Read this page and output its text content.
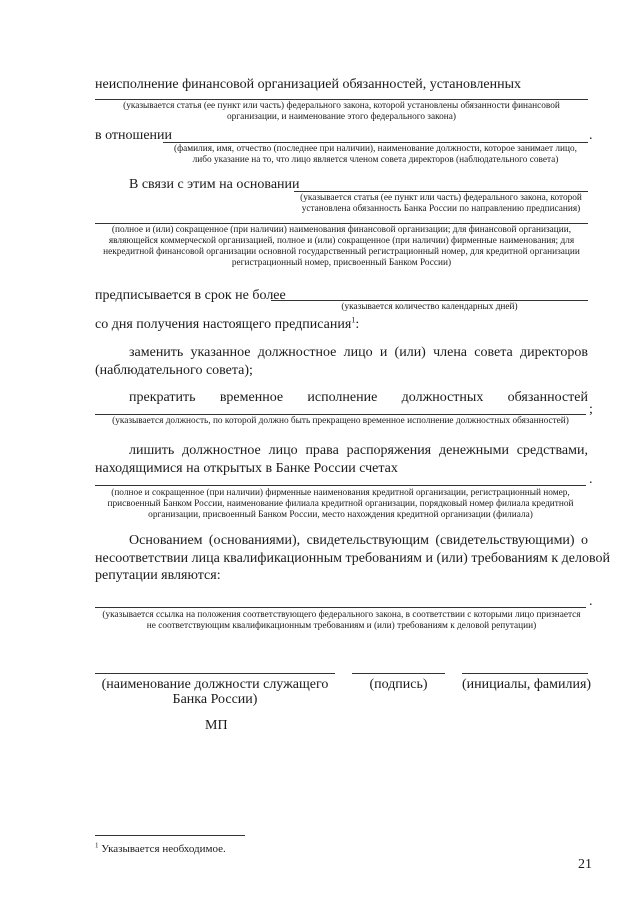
неисполнение финансовой организацией обязанностей, установленных
(указывается статья (ее пункт или часть) федерального закона, которой установлены обязанности финансовой
организации, и наименование этого федерального закона)
в отношении	.
(фамилия, имя, отчество (последнее при наличии), наименование должности, которое занимает лицо,
либо указание на то, что лицо является членом совета директоров (наблюдательного совета)
В связи с этим на основании
(указывается статья (ее пункт или часть) федерального закона, которой
установлена обязанность Банка России по направлению предписания)
(полное и (или) сокращенное (при наличии) наименования финансовой организации; для финансовой организации,
являющейся коммерческой организацией, полное и (или) сокращенное (при наличии) фирменные наименования; для
некредитной финансовой организации основной государственный регистрационный номер, для кредитной организации
регистрационный номер, присвоенный Банком России)
предписывается в срок не более
(указывается количество календарных дней)
со дня получения настоящего предписания$^1$:
заменить указанное должностное лицо и (или) члена совета директоров
(наблюдательного совета);
прекратить временное исполнение должностных обязанностей
;
(указывается должность, по которой должно быть прекращено временное исполнение должностных обязанностей)
лишить должностное лицо права распоряжения денежными средствами,
находящимися на открытых в Банке России счетах
.
(полное и сокращенное (при наличии) фирменные наименования кредитной организации, регистрационный номер,
присвоенный Банком России, наименование филиала кредитной организации, порядковый номер филиала кредитной
организации, присвоенный Банком России, место нахождения кредитной организации (филиала)
Основанием (основаниями), свидетельствующим (свидетельствующими) о
несоответствии лица квалификационным требованиям и (или) требованиям к деловой
репутации являются:
.
(указывается ссылка на положения соответствующего федерального закона, в соответствии с которыми лицо признается
не соответствующим квалификационным требованиям и (или) требованиям к деловой репутации)
(наименование должности служащего
Банка России)
(подпись)	(инициалы, фамилия)
МП
$^1$ Указывается необходимое.
21
